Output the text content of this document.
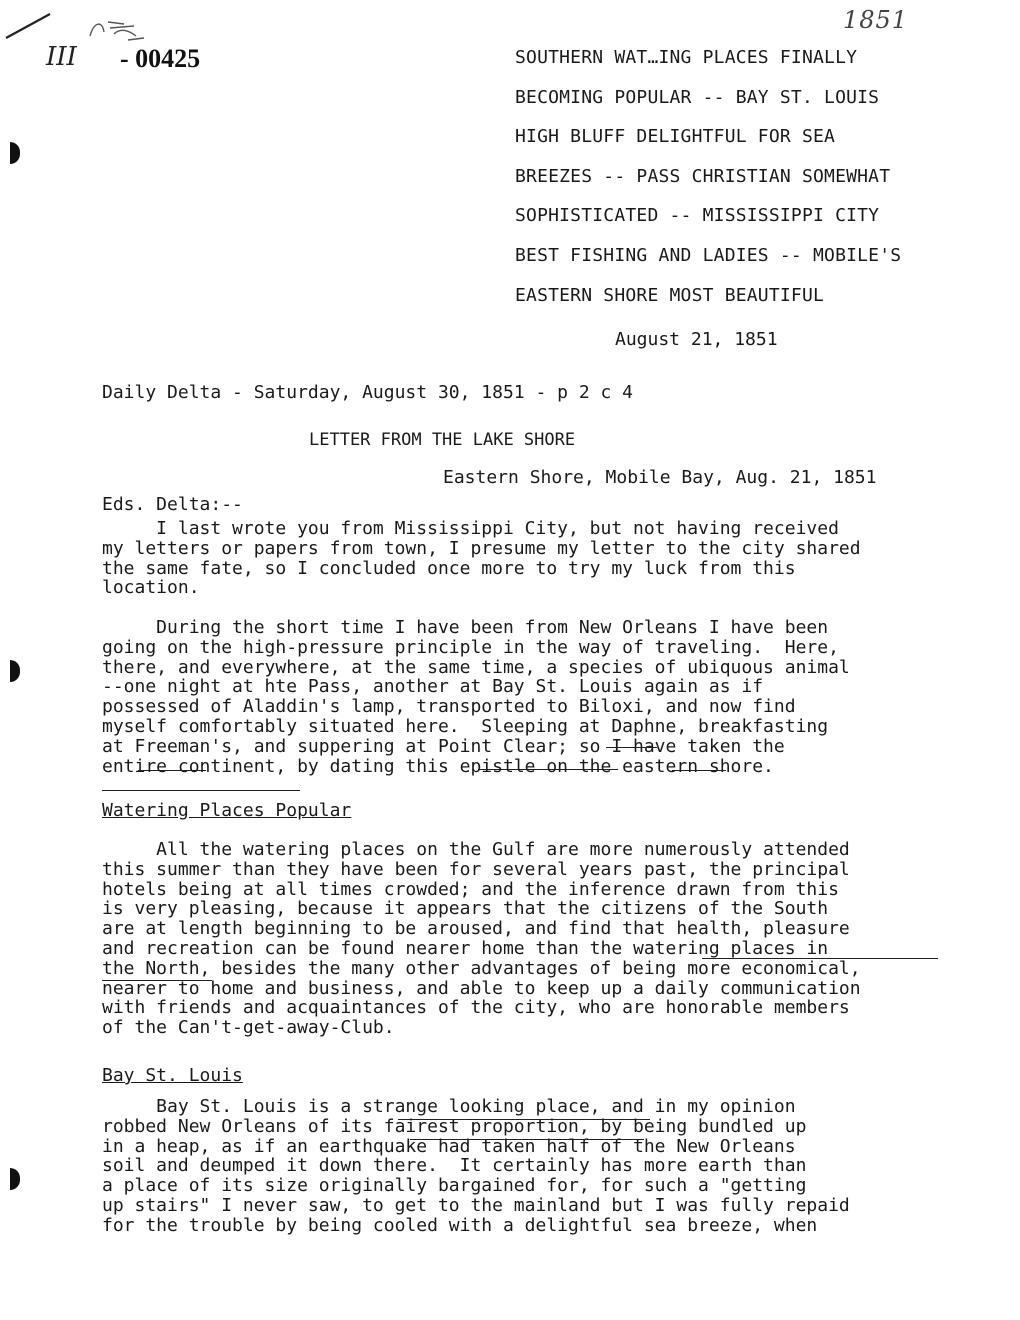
1851
III - 00425	SOUTHERN WAT…ING PLACES FINALLY
BECOMING POPULAR -- BAY ST. LOUIS
HIGH BLUFF DELIGHTFUL FOR SEA
BREEZES -- PASS CHRISTIAN SOMEWHAT
SOPHISTICATED -- MISSISSIPPI CITY
BEST FISHING AND LADIES -- MOBILE'S
EASTERN SHORE MOST BEAUTIFUL
August 21, 1851
Daily Delta - Saturday, August 30, 1851 - p 2 c 4
LETTER FROM THE LAKE SHORE
Eastern Shore, Mobile Bay, Aug. 21, 1851
Eds. Delta:--
I last wrote you from Mississippi City, but not having received
my letters or papers from town, I presume my letter to the city shared
the same fate, so I concluded once more to try my luck from this
location.
During the short time I have been from New Orleans I have been
going on the high-pressure principle in the way of traveling.  Here,
there, and everywhere, at the same time, a species of ubiquous animal
--one night at hte Pass, another at Bay St. Louis again as if
possessed of Aladdin's lamp, transported to Biloxi, and now find
myself comfortably situated here.  Sleeping at Daphne, breakfasting
at Freeman's, and suppering at Point Clear; so I have taken the
entire continent, by dating this epistle on the eastern shore.
Watering Places Popular
All the watering places on the Gulf are more numerously attended
this summer than they have been for several years past, the principal
hotels being at all times crowded; and the inference drawn from this
is very pleasing, because it appears that the citizens of the South
are at length beginning to be aroused, and find that health, pleasure
and recreation can be found nearer home than the watering places in
the North, besides the many other advantages of being more economical,
nearer to home and business, and able to keep up a daily communication
with friends and acquaintances of the city, who are honorable members
of the Can't-get-away-Club.
Bay St. Louis
Bay St. Louis is a strange looking place, and in my opinion
robbed New Orleans of its fairest proportion, by being bundled up
in a heap, as if an earthquake had taken half of the New Orleans
soil and deumped it down there.  It certainly has more earth than
a place of its size originally bargained for, for such a "getting
up stairs" I never saw, to get to the mainland but I was fully repaid
for the trouble by being cooled with a delightful sea breeze, when
